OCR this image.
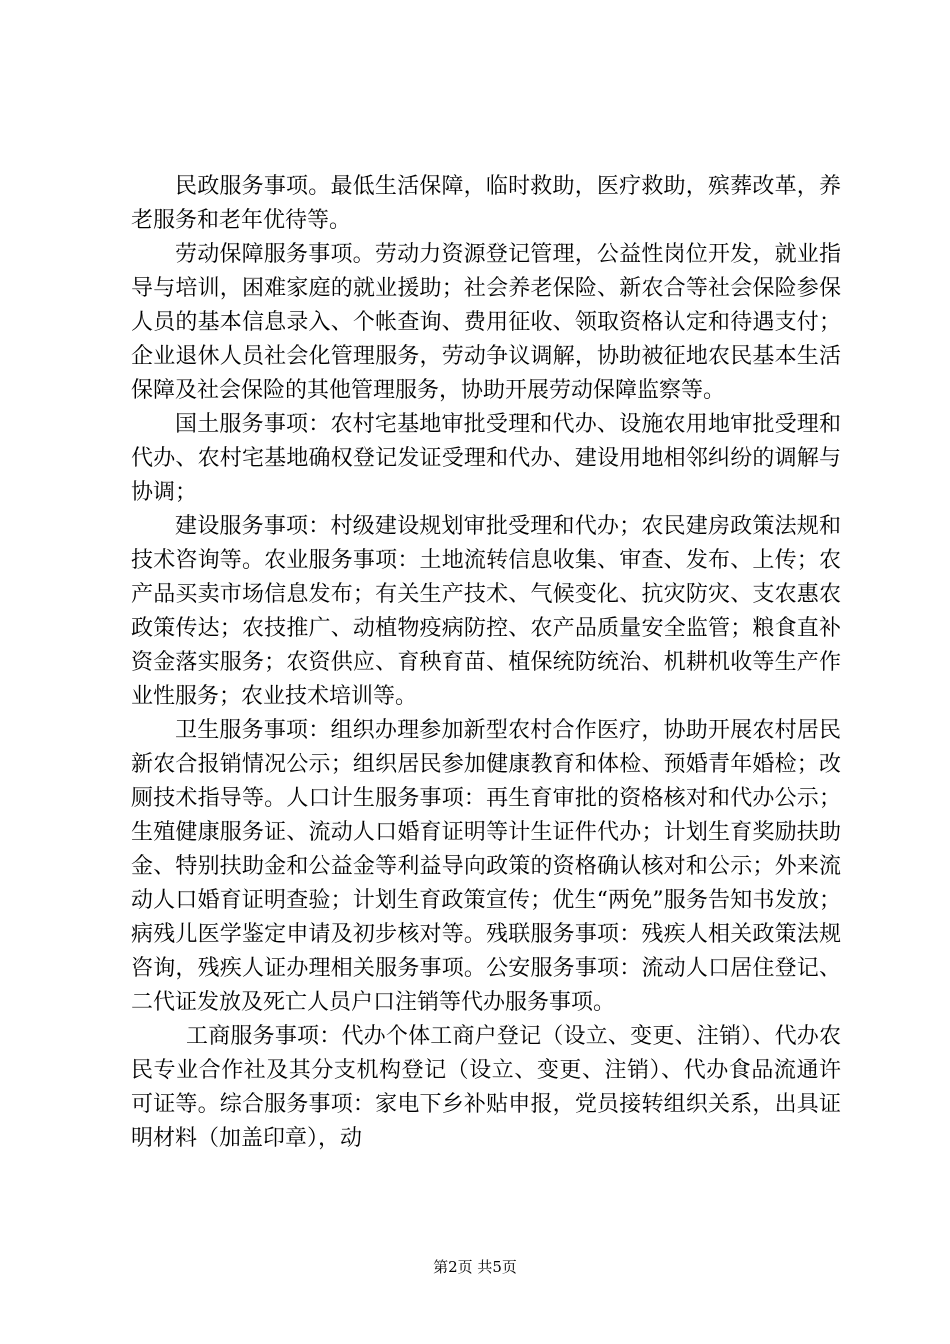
民政服务事项。最低生活保障，临时救助，医疗救助，殡葬改革，养老服务和老年优待等。

劳动保障服务事项。劳动力资源登记管理，公益性岗位开发，就业指导与培训，困难家庭的就业援助；社会养老保险、新农合等社会保险参保人员的基本信息录入、个帐查询、费用征收、领取资格认定和待遇支付；企业退休人员社会化管理服务，劳动争议调解，协助被征地农民基本生活保障及社会保险的其他管理服务，协助开展劳动保障监察等。

国土服务事项：农村宅基地审批受理和代办、设施农用地审批受理和代办、农村宅基地确权登记发证受理和代办、建设用地相邻纠纷的调解与协调；

建设服务事项：村级建设规划审批受理和代办；农民建房政策法规和技术咨询等。农业服务事项：土地流转信息收集、审查、发布、上传；农产品买卖市场信息发布；有关生产技术、气候变化、抗灾防灾、支农惠农政策传达；农技推广、动植物疫病防控、农产品质量安全监管；粮食直补资金落实服务；农资供应、育秧育苗、植保统防统治、机耕机收等生产作业性服务；农业技术培训等。

卫生服务事项：组织办理参加新型农村合作医疗，协助开展农村居民新农合报销情况公示；组织居民参加健康教育和体检、预婚青年婚检；改厕技术指导等。人口计生服务事项：再生育审批的资格核对和代办公示；生殖健康服务证、流动人口婚育证明等计生证件代办；计划生育奖励扶助金、特别扶助金和公益金等利益导向政策的资格确认核对和公示；外来流动人口婚育证明查验；计划生育政策宣传；优生“两免”服务告知书发放；病残儿医学鉴定申请及初步核对等。残联服务事项：残疾人相关政策法规咨询，残疾人证办理相关服务事项。公安服务事项：流动人口居住登记、二代证发放及死亡人员户口注销等代办服务事项。

工商服务事项：代办个体工商户登记（设立、变更、注销）、代办农民专业合作社及其分支机构登记（设立、变更、注销）、代办食品流通许可证等。综合服务事项：家电下乡补贴申报，党员接转组织关系，出具证明材料（加盖印章），动

第2页 共5页
